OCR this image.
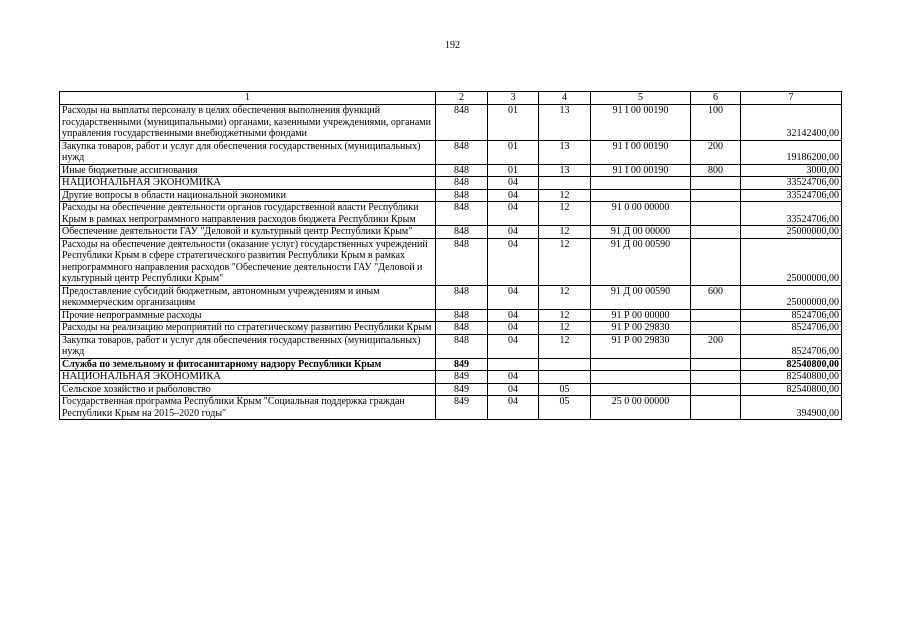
192
1	2	3	4	5	6	7
Расходы на выплаты персоналу в целях обеспечения выполнения функций государственными (муниципальными) органами, казенными учреждениями, органами управления государственными внебюджетными фондами	848	01	13	91 I 00 00190	100	32142400,00
Закупка товаров, работ и услуг для обеспечения государственных (муниципальных) нужд	848	01	13	91 I 00 00190	200	19186200,00
Иные бюджетные ассигнования	848	01	13	91 I 00 00190	800	3000,00
НАЦИОНАЛЬНАЯ ЭКОНОМИКА	848	04				33524706,00
Другие вопросы в области национальной экономики	848	04	12			33524706,00
Расходы на обеспечение деятельности органов государственной власти Республики Крым в рамках непрограммного направления расходов бюджета Республики Крым	848	04	12	91 0 00 00000		33524706,00
Обеспечение деятельности ГАУ "Деловой и культурный центр Республики Крым"	848	04	12	91 Д 00 00000		25000000,00
Расходы на обеспечение деятельности (оказание услуг) государственных учреждений Республики Крым в сфере стратегического развития Республики Крым в рамках непрограммного направления расходов "Обеспечение деятельности ГАУ "Деловой и культурный центр Республики Крым"	848	04	12	91 Д 00 00590		25000000,00
Предоставление субсидий бюджетным, автономным учреждениям и иным некоммерческим организациям	848	04	12	91 Д 00 00590	600	25000000,00
Прочие непрограммные расходы	848	04	12	91 Р 00 00000		8524706,00
Расходы на реализацию мероприятий по стратегическому развитию Республики Крым	848	04	12	91 Р 00 29830		8524706,00
Закупка товаров, работ и услуг для обеспечения государственных (муниципальных) нужд	848	04	12	91 Р 00 29830	200	8524706,00
Служба по земельному и фитосанитарному надзору Республики Крым	849					82540800,00
НАЦИОНАЛЬНАЯ ЭКОНОМИКА	849	04				82540800,00
Сельское хозяйство и рыболовство	849	04	05			82540800,00
Государственная программа Республики Крым "Социальная поддержка граждан Республики Крым на 2015–2020 годы"	849	04	05	25 0 00 00000		394900,00
